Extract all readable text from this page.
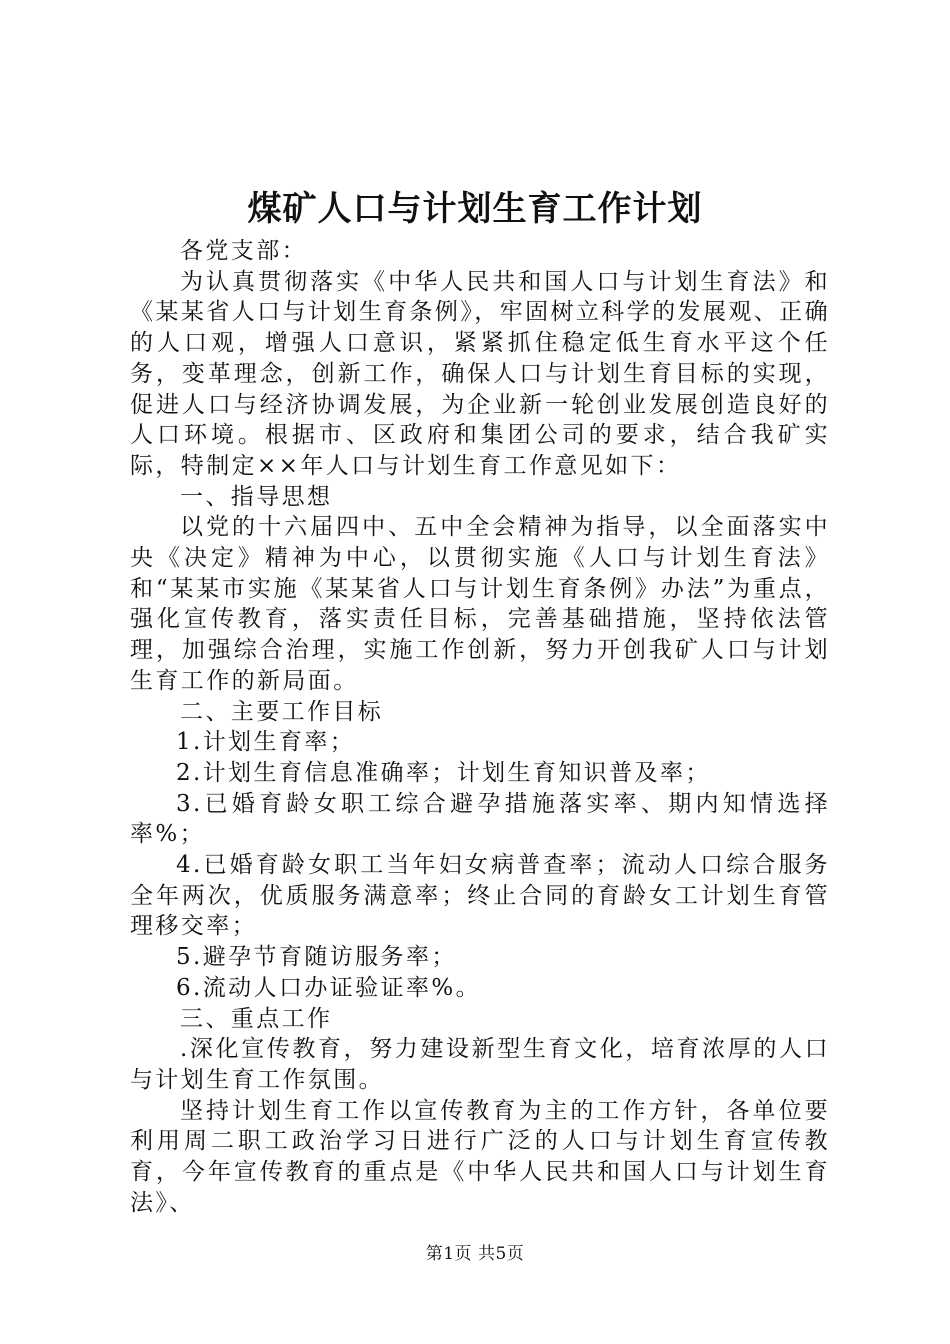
煤矿人口与计划生育工作计划

各党支部：

为认真贯彻落实《中华人民共和国人口与计划生育法》和《某某省人口与计划生育条例》，牢固树立科学的发展观、正确的人口观，增强人口意识，紧紧抓住稳定低生育水平这个任务，变革理念，创新工作，确保人口与计划生育目标的实现，促进人口与经济协调发展，为企业新一轮创业发展创造良好的人口环境。根据市、区政府和集团公司的要求，结合我矿实际，特制定××年人口与计划生育工作意见如下：

一、指导思想

以党的十六届四中、五中全会精神为指导，以全面落实中央《决定》精神为中心，以贯彻实施《人口与计划生育法》和“某某市实施《某某省人口与计划生育条例》办法”为重点，强化宣传教育，落实责任目标，完善基础措施，坚持依法管理，加强综合治理，实施工作创新，努力开创我矿人口与计划生育工作的新局面。

二、主要工作目标

1.计划生育率；

2.计划生育信息准确率；计划生育知识普及率；

3.已婚育龄女职工综合避孕措施落实率、期内知情选择率%；

4.已婚育龄女职工当年妇女病普查率；流动人口综合服务全年两次，优质服务满意率；终止合同的育龄女工计划生育管理移交率；

5.避孕节育随访服务率；

6.流动人口办证验证率%。

三、重点工作

.深化宣传教育，努力建设新型生育文化，培育浓厚的人口与计划生育工作氛围。

坚持计划生育工作以宣传教育为主的工作方针，各单位要利用周二职工政治学习日进行广泛的人口与计划生育宣传教育，今年宣传教育的重点是《中华人民共和国人口与计划生育法》、

第1页 共5页
